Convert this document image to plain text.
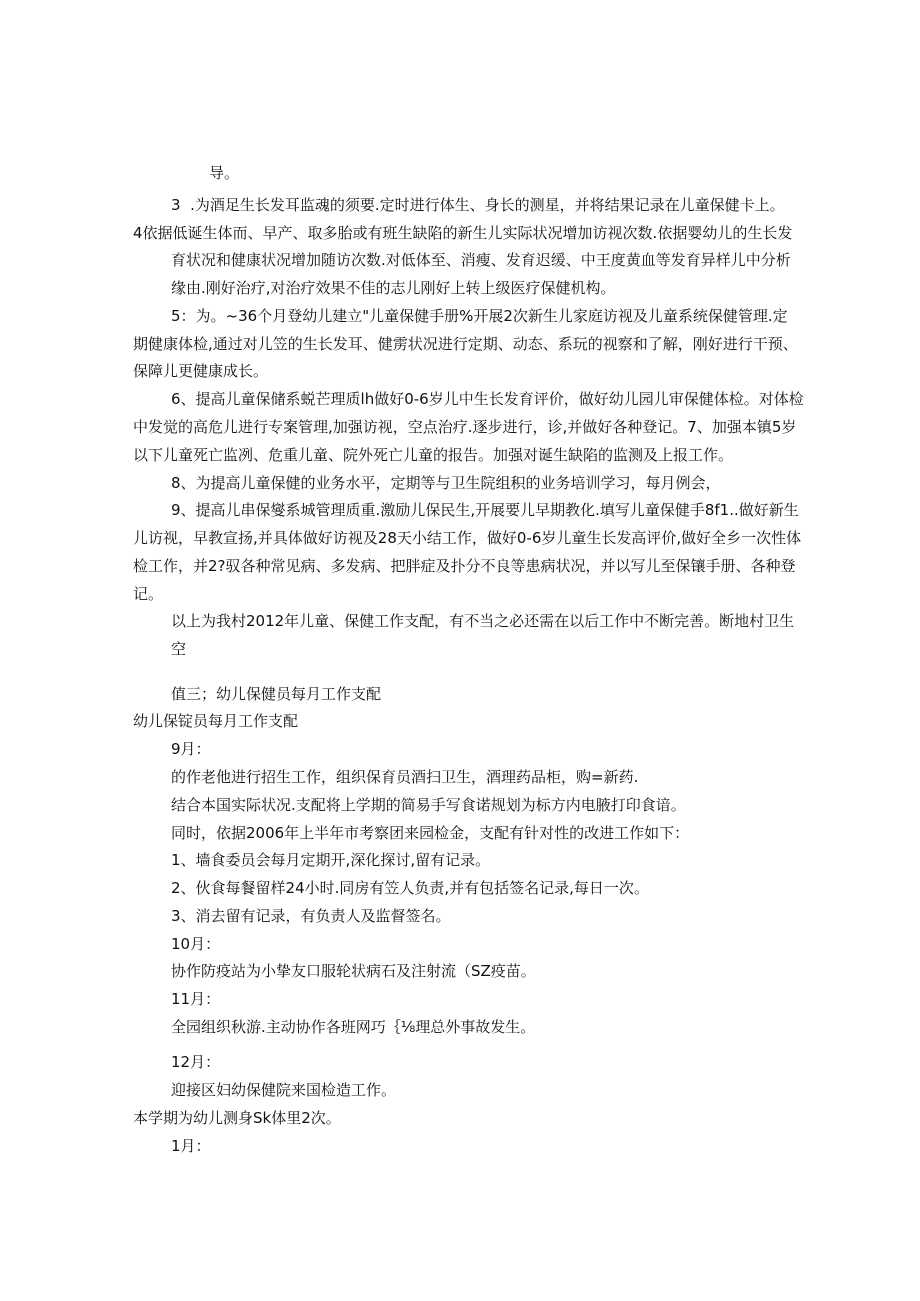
导。
3	.为酒足生长发耳监魂的须要.定时进行体生、身长的测星，并将结果记录在儿童保健卡上。
4依据低诞生体而、早产、取多胎或有班生缺陷的新生儿实际状况增加访视次数.依据婴幼儿的生长发
育状况和健康状况增加随访次数.对低体至、消瘦、发育迟缓、中王度黄血等发育异样儿中分析
缘由.刚好治疗,对治疗效果不佳的志儿刚好上转上级医疗保健机构。
5：为。~36个月登幼儿建立"儿童保健手册%开展2次新生儿家庭访视及儿童系统保健管理.定
期健康体检,通过对儿笠的生长发耳、健雳状况进行定期、动态、系玩的视察和了解，刚好进行干预、
保障儿更健康成长。
6、提高儿童保储系蜕芒理质lh做好0-6岁儿中生长发育评价，做好幼儿园儿审保健体检。对体检
中发觉的高危儿进行专案管理,加强访视，空点治疗.逐步进行，诊,并做好各种登记。7、加强本镇5岁
以下儿童死亡监冽、危重儿童、院外死亡儿童的报告。加强对诞生缺陷的监测及上报工作。
8、为提高儿童保健的业务水平，定期等与卫生院组积的业务培训学习，每月例会，
9、提高儿串保燮系城管理质重.激励儿保民生,开展要儿早期教化.填写儿童保健手8f1..做好新生
儿访视，早教宣扬,并具体做好访视及28天小结工作，做好0-6岁儿童生长发高评价,做好全乡一次性体
检工作，并2?驭各种常见病、多发病、把胖症及扑分不良等患病状况，并以写儿至保镶手册、各种登
记。
以上为我村2012年儿童、保健工作支配，有不当之必还需在以后工作中不断完善。断地村卫生
空
值三；幼儿保健员每月工作支配
幼儿保锭员每月工作支配
9月：
的作老他进行招生工作，组织保育员酒扫卫生，酒理药品柜，购=新药.
结合本国实际状况.支配将上学期的简易手写食诺规划为标方内电腋打印食谙。
同时，依据2006年上半年市考察团来园检金，支配有针对性的改进工作如下：
1、墙食委员会每月定期开,深化探讨,留有记录。
2、伙食每餐留样24小时.同房有笠人负责,并有包括签名记录,每日一次。
3、消去留有记录，有负责人及监督签名。
10月：
协作防疫站为小挚友口服轮状病石及注射流（SZ疫苗。
11月：
全园组织秋游.主动协作各班网巧｛⅛理总外事故发生。
12月：
迎接区妇幼保健院来国检造工作。
本学期为幼儿测身Sk体里2次。
1月：
